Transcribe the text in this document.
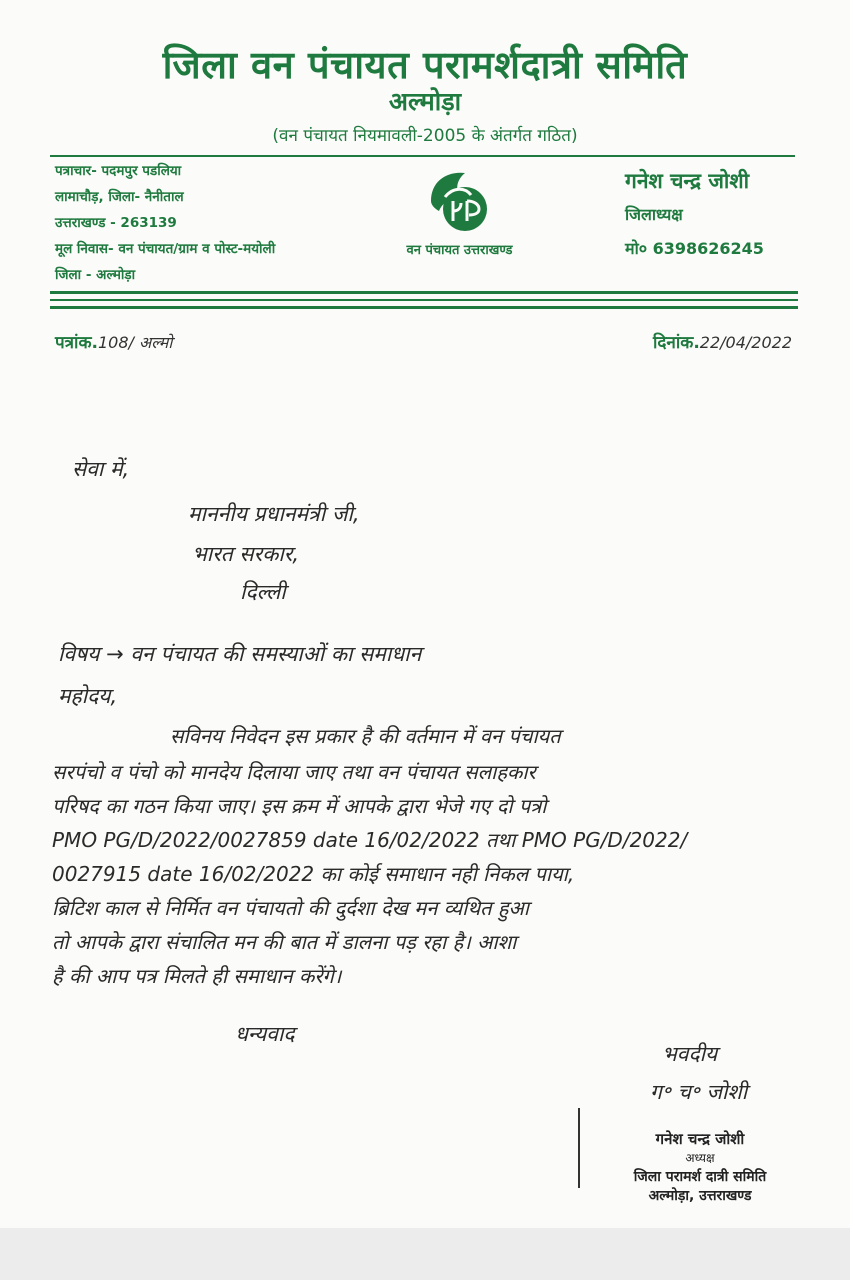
जिला वन पंचायत परामर्शदात्री समिति
अल्मोड़ा
(वन पंचायत नियमावली-2005 के अंतर्गत गठित)
पत्राचार- पदमपुर पडलिया
लामाचौड़, जिला- नैनीताल
उत्तराखण्ड - 263139
मूल निवास- वन पंचायत/ग्राम व पोस्ट-मयोली
जिला - अल्मोड़ा
वन पंचायत उत्तराखण्ड
गनेश चन्द्र जोशी
जिलाध्यक्ष
मो० 6398626245
पत्रांक.108/ अल्मो	दिनांक.22/04/2022
सेवा में,
माननीय प्रधानमंत्री जी,
भारत सरकार,
दिल्ली
विषय → वन पंचायत की समस्याओं का समाधान
महोदय,
सविनय निवेदन इस प्रकार है की वर्तमान में वन पंचायत
सरपंचो व पंचो को मानदेय दिलाया जाए तथा वन पंचायत सलाहकार
परिषद का गठन किया जाए। इस क्रम में आपके द्वारा भेजे गए दो पत्रो
PMO PG/D/2022/0027859 date 16/02/2022 तथा PMO PG/D/2022/
0027915 date 16/02/2022 का कोई समाधान नही निकल पाया,
ब्रिटिश काल से निर्मित वन पंचायतो की दुर्दशा देख मन व्यथित हुआ
तो आपके द्वारा संचालित मन की बात में डालना पड़ रहा है। आशा
है की आप पत्र मिलते ही समाधान करेंगे।
धन्यवाद
भवदीय
ग॰ च॰ जोशी
गनेश चन्द्र जोशी
अध्यक्ष
जिला परामर्श दात्री समिति
अल्मोड़ा, उत्तराखण्ड
